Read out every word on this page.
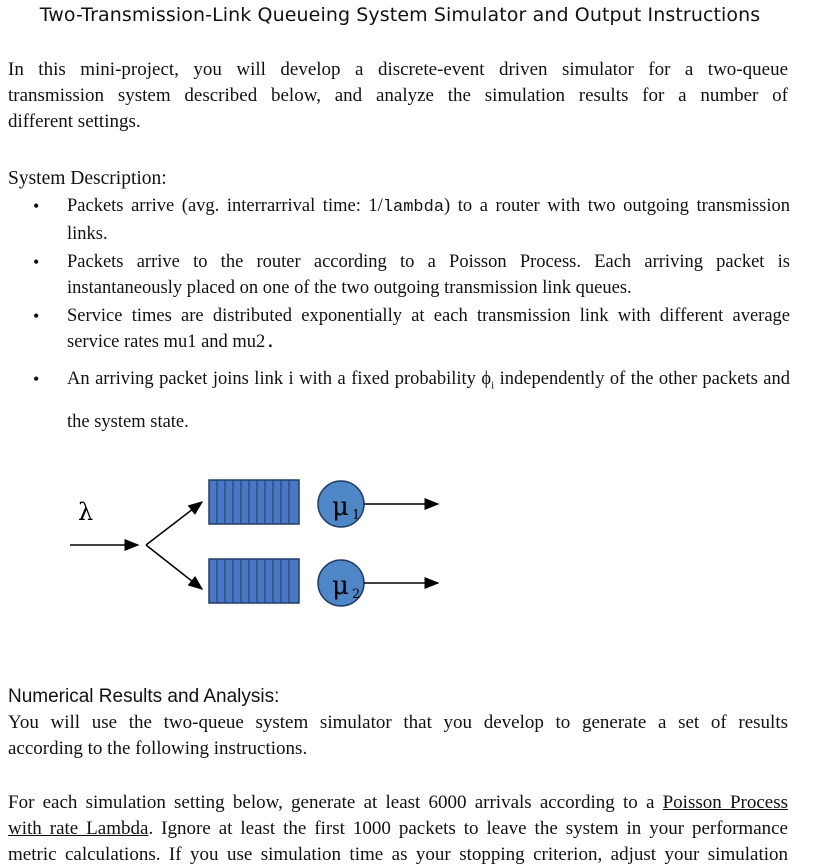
Two-Transmission-Link Queueing System Simulator and Output Instructions

In this mini-project, you will develop a discrete-event driven simulator for a two-queue
transmission system described below, and analyze the simulation results for a number of
different settings.

System Description:

• Packets arrive (avg. interrarrival time: 1/lambda) to a router with two outgoing transmission links.
• Packets arrive to the router according to a Poisson Process. Each arriving packet is instantaneously placed on one of the two outgoing transmission link queues.
• Service times are distributed exponentially at each transmission link with different average service rates mu1 and mu2.
• An arriving packet joins link i with a fixed probability $\phi_i$ independently of the other packets and the system state.
λ	μ 1
μ 2

Numerical Results and Analysis:

You will use the two-queue system simulator that you develop to generate a set of results
according to the following instructions.

For each simulation setting below, generate at least 6000 arrivals according to a Poisson Process
with rate Lambda. Ignore at least the first 1000 packets to leave the system in your performance
metric calculations. If you use simulation time as your stopping criterion, adjust your simulation
